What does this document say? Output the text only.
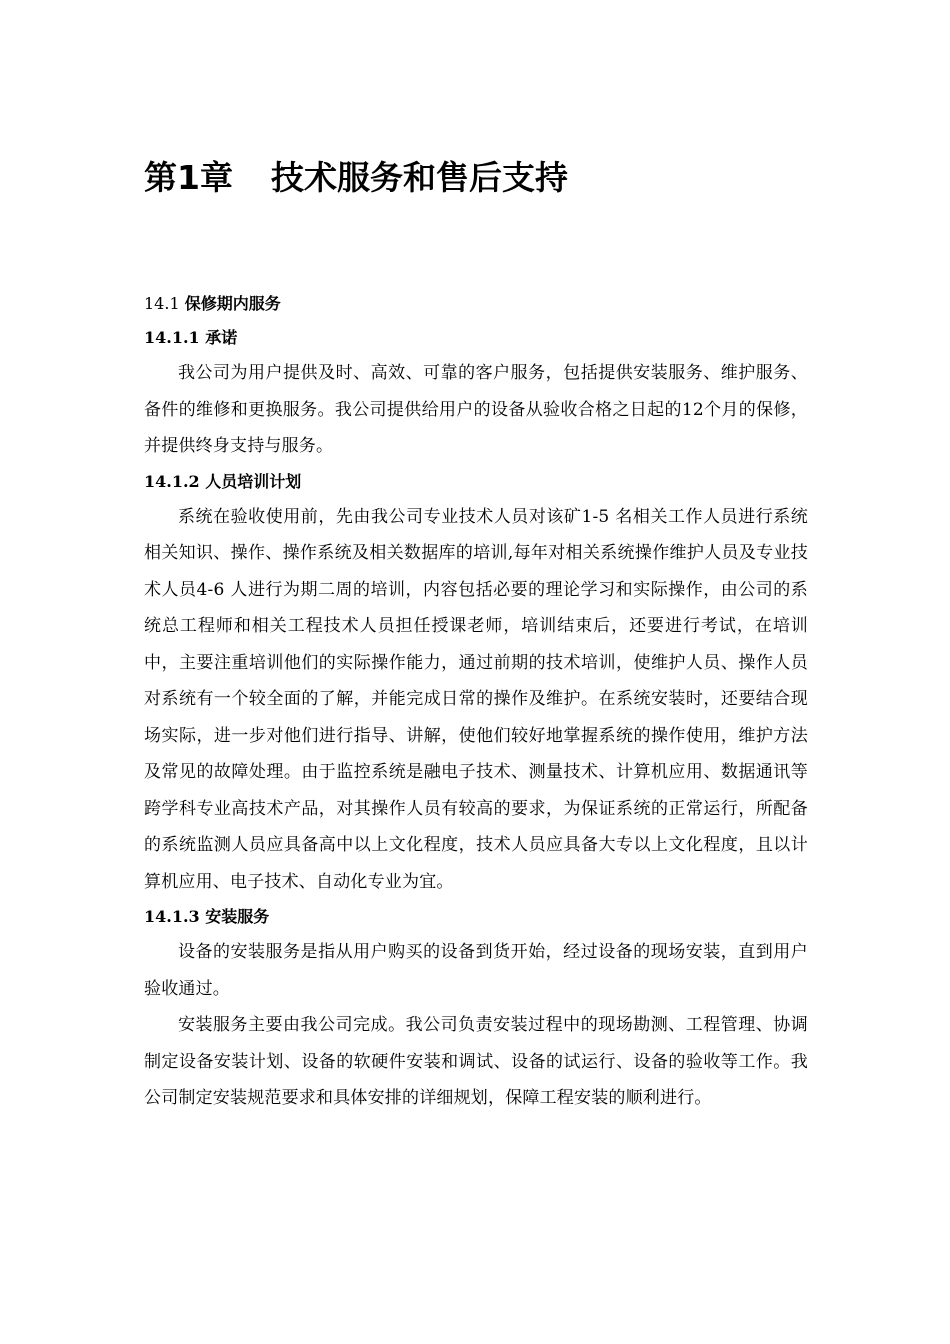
第1章 技术服务和售后支持

14.1 保修期内服务

14.1.1 承诺

我公司为用户提供及时、高效、可靠的客户服务，包括提供安装服务、维护服务、备件的维修和更换服务。我公司提供给用户的设备从验收合格之日起的12个月的保修，并提供终身支持与服务。

14.1.2 人员培训计划

系统在验收使用前，先由我公司专业技术人员对该矿1-5 名相关工作人员进行系统相关知识、操作、操作系统及相关数据库的培训,每年对相关系统操作维护人员及专业技术人员4-6 人进行为期二周的培训，内容包括必要的理论学习和实际操作，由公司的系统总工程师和相关工程技术人员担任授课老师，培训结束后，还要进行考试，在培训中，主要注重培训他们的实际操作能力，通过前期的技术培训，使维护人员、操作人员对系统有一个较全面的了解，并能完成日常的操作及维护。在系统安装时，还要结合现场实际，进一步对他们进行指导、讲解，使他们较好地掌握系统的操作使用，维护方法及常见的故障处理。由于监控系统是融电子技术、测量技术、计算机应用、数据通讯等跨学科专业高技术产品，对其操作人员有较高的要求，为保证系统的正常运行，所配备的系统监测人员应具备高中以上文化程度，技术人员应具备大专以上文化程度，且以计算机应用、电子技术、自动化专业为宜。

14.1.3 安装服务

设备的安装服务是指从用户购买的设备到货开始，经过设备的现场安装，直到用户验收通过。

安装服务主要由我公司完成。我公司负责安装过程中的现场勘测、工程管理、协调制定设备安装计划、设备的软硬件安装和调试、设备的试运行、设备的验收等工作。我公司制定安装规范要求和具体安排的详细规划，保障工程安装的顺利进行。
